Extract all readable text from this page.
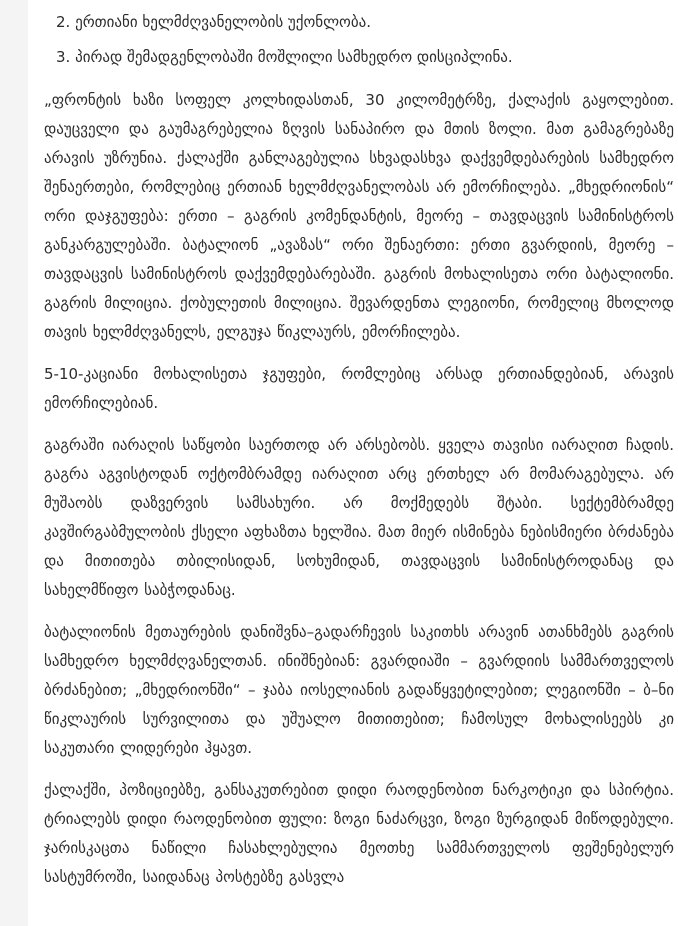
2. ერთიანი ხელმძღვანელობის უქონლობა.
3. პირად შემადგენლობაში მოშლილი სამხედრო დისციპლინა.

„ფრონტის ხაზი სოფელ კოლხიდასთან, 30 კილომეტრზე, ქალაქის გაყოლებით. დაუცველი და გაუმაგრებელია ზღვის სანაპირო და მთის ზოლი. მათ გამაგრებაზე არავის უზრუნია. ქალაქში განლაგებულია სხვადასხვა დაქვემდებარების სამხედრო შენაერთები, რომლებიც ერთიან ხელმძღვანელობას არ ემორჩილება. „მხედრიონის“ ორი დაჯგუფება: ერთი – გაგრის კომენდანტის, მეორე – თავდაცვის სამინისტროს განკარგულებაში. ბატალიონ „ავაზას“ ორი შენაერთი: ერთი გვარდიის, მეორე – თავდაცვის სამინისტროს დაქვემდებარებაში. გაგრის მოხალისეთა ორი ბატალიონი. გაგრის მილიცია. ქობულეთის მილიცია. შევარდენთა ლეგიონი, რომელიც მხოლოდ თავის ხელმძღვანელს, ელგუჯა წიკლაურს, ემორჩილება.

5-10-კაციანი მოხალისეთა ჯგუფები, რომლებიც არსად ერთიანდებიან, არავის ემორჩილებიან.

გაგრაში იარაღის საწყობი საერთოდ არ არსებობს. ყველა თავისი იარაღით ჩადის. გაგრა აგვისტოდან ოქტომბრამდე იარაღით არც ერთხელ არ მომარაგებულა. არ მუშაობს დაზვერვის სამსახური. არ მოქმედებს შტაბი. სექტემბრამდე კავშირგაბმულობის ქსელი აფხაზთა ხელშია. მათ მიერ ისმინება ნებისმიერი ბრძანება და მითითება თბილისიდან, სოხუმიდან, თავდაცვის სამინისტროდანაც და სახელმწიფო საბჭოდანაც.

ბატალიონის მეთაურების დანიშვნა–გადარჩევის საკითხს არავინ ათანხმებს გაგრის სამხედრო ხელმძღვანელთან. ინიშნებიან: გვარდიაში – გვარდიის სამმართველოს ბრძანებით; „მხედრიონში“ – ჯაბა იოსელიანის გადაწყვეტილებით; ლეგიონში – ბ–ნი წიკლაურის სურვილითა და უშუალო მითითებით; ჩამოსულ მოხალისეებს კი საკუთარი ლიდერები ჰყავთ.

ქალაქში, პოზიციებზე, განსაკუთრებით დიდი რაოდენობით ნარკოტიკი და სპირტია. ტრიალებს დიდი რაოდენობით ფული: ზოგი ნაძარცვი, ზოგი ზურგიდან მიწოდებული. ჯარისკაცთა ნაწილი ჩასახლებულია მეოთხე სამმართველოს ფეშენებელურ სასტუმროში, საიდანაც პოსტებზე გასვლა
